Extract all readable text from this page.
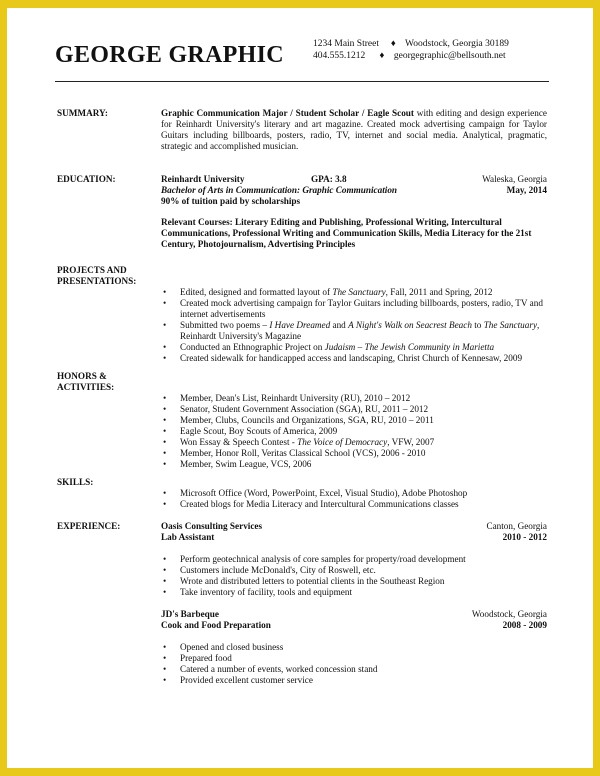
GEORGE GRAPHIC	1234 Main Street ♦ Woodstock, Georgia 30189
404.555.1212 ♦ georgegraphic@bellsouth.net
SUMMARY:	Graphic Communication Major / Student Scholar / Eagle Scout with editing and design experience for Reinhardt University's literary and art magazine. Created mock advertising campaign for Taylor Guitars including billboards, posters, radio, TV, internet and social media. Analytical, pragmatic, strategic and accomplished musician.
EDUCATION:	Reinhardt University	GPA: 3.8	Waleska, Georgia
Bachelor of Arts in Communication: Graphic Communication	May, 2014
90% of tuition paid by scholarships
Relevant Courses: Literary Editing and Publishing, Professional Writing, Intercultural Communications, Professional Writing and Communication Skills, Media Literacy for the 21st Century, Photojournalism, Advertising Principles
PROJECTS AND
PRESENTATIONS:
• Edited, designed and formatted layout of The Sanctuary, Fall, 2011 and Spring, 2012
• Created mock advertising campaign for Taylor Guitars including billboards, posters, radio, TV and internet advertisements
• Submitted two poems – I Have Dreamed and A Night's Walk on Seacrest Beach to The Sanctuary, Reinhardt University's Magazine
• Conducted an Ethnographic Project on Judaism – The Jewish Community in Marietta
• Created sidewalk for handicapped access and landscaping, Christ Church of Kennesaw, 2009
HONORS &
ACTIVITIES:
• Member, Dean's List, Reinhardt University (RU), 2010 – 2012
• Senator, Student Government Association (SGA), RU, 2011 – 2012
• Member, Clubs, Councils and Organizations, SGA, RU, 2010 – 2011
• Eagle Scout, Boy Scouts of America, 2009
• Won Essay & Speech Contest - The Voice of Democracy, VFW, 2007
• Member, Honor Roll, Veritas Classical School (VCS), 2006 - 2010
• Member, Swim League, VCS, 2006
SKILLS:
• Microsoft Office (Word, PowerPoint, Excel, Visual Studio), Adobe Photoshop
• Created blogs for Media Literacy and Intercultural Communications classes
EXPERIENCE:	Oasis Consulting Services	Canton, Georgia
Lab Assistant	2010 - 2012
• Perform geotechnical analysis of core samples for property/road development
• Customers include McDonald's, City of Roswell, etc.
• Wrote and distributed letters to potential clients in the Southeast Region
• Take inventory of facility, tools and equipment
JD's Barbeque	Woodstock, Georgia
Cook and Food Preparation	2008 - 2009
• Opened and closed business
• Prepared food
• Catered a number of events, worked concession stand
• Provided excellent customer service
